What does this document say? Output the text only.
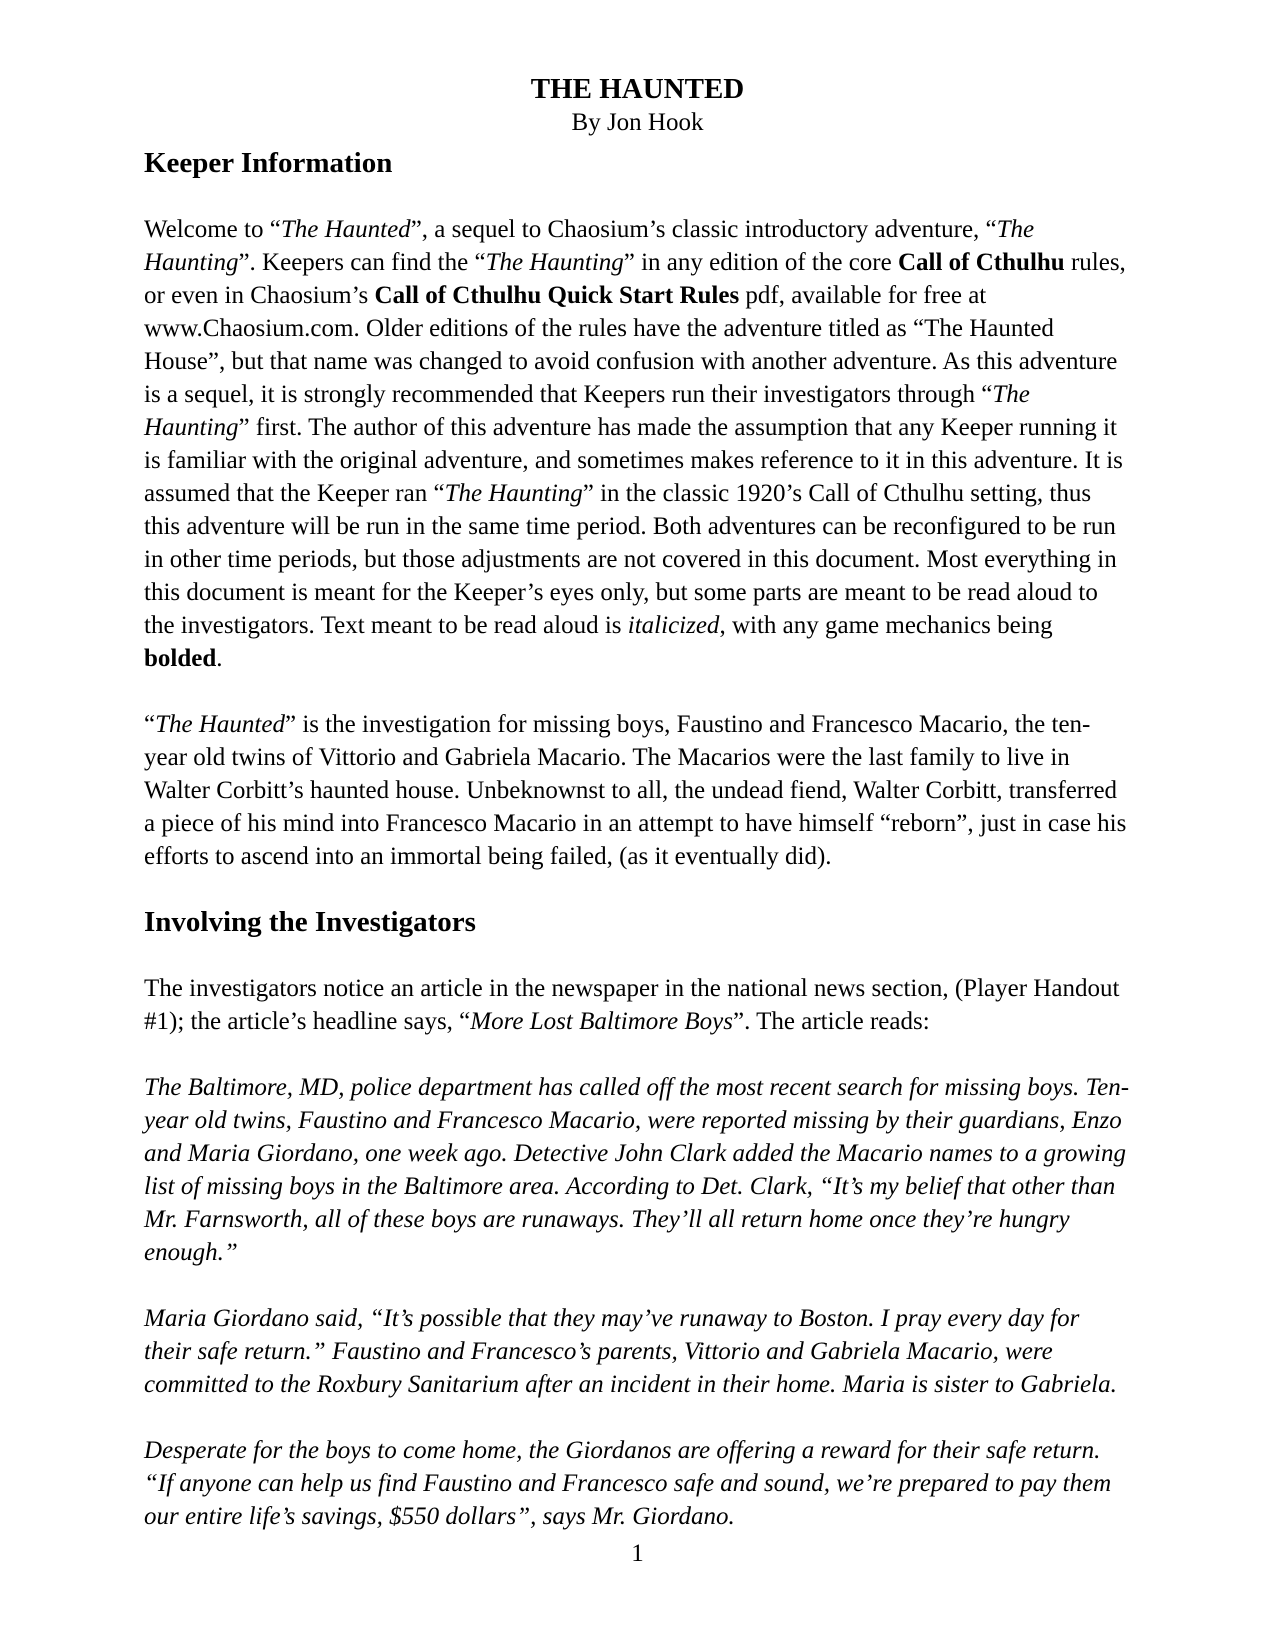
THE HAUNTED
By Jon Hook
Keeper Information

Welcome to “The Haunted”, a sequel to Chaosium’s classic introductory adventure, “The Haunting”. Keepers can find the “The Haunting” in any edition of the core Call of Cthulhu rules, or even in Chaosium’s Call of Cthulhu Quick Start Rules pdf, available for free at www.Chaosium.com. Older editions of the rules have the adventure titled as “The Haunted House”, but that name was changed to avoid confusion with another adventure. As this adventure is a sequel, it is strongly recommended that Keepers run their investigators through “The Haunting” first. The author of this adventure has made the assumption that any Keeper running it is familiar with the original adventure, and sometimes makes reference to it in this adventure. It is assumed that the Keeper ran “The Haunting” in the classic 1920’s Call of Cthulhu setting, thus this adventure will be run in the same time period. Both adventures can be reconfigured to be run in other time periods, but those adjustments are not covered in this document. Most everything in this document is meant for the Keeper’s eyes only, but some parts are meant to be read aloud to the investigators. Text meant to be read aloud is italicized, with any game mechanics being bolded.

“The Haunted” is the investigation for missing boys, Faustino and Francesco Macario, the ten-year old twins of Vittorio and Gabriela Macario. The Macarios were the last family to live in Walter Corbitt’s haunted house. Unbeknownst to all, the undead fiend, Walter Corbitt, transferred a piece of his mind into Francesco Macario in an attempt to have himself “reborn”, just in case his efforts to ascend into an immortal being failed, (as it eventually did).

Involving the Investigators

The investigators notice an article in the newspaper in the national news section, (Player Handout #1); the article’s headline says, “More Lost Baltimore Boys”. The article reads:

The Baltimore, MD, police department has called off the most recent search for missing boys. Ten-year old twins, Faustino and Francesco Macario, were reported missing by their guardians, Enzo and Maria Giordano, one week ago. Detective John Clark added the Macario names to a growing list of missing boys in the Baltimore area. According to Det. Clark, “It’s my belief that other than Mr. Farnsworth, all of these boys are runaways. They’ll all return home once they’re hungry enough.”

Maria Giordano said, “It’s possible that they may’ve runaway to Boston. I pray every day for their safe return.” Faustino and Francesco’s parents, Vittorio and Gabriela Macario, were committed to the Roxbury Sanitarium after an incident in their home. Maria is sister to Gabriela.

Desperate for the boys to come home, the Giordanos are offering a reward for their safe return. “If anyone can help us find Faustino and Francesco safe and sound, we’re prepared to pay them our entire life’s savings, $550 dollars”, says Mr. Giordano.

1
